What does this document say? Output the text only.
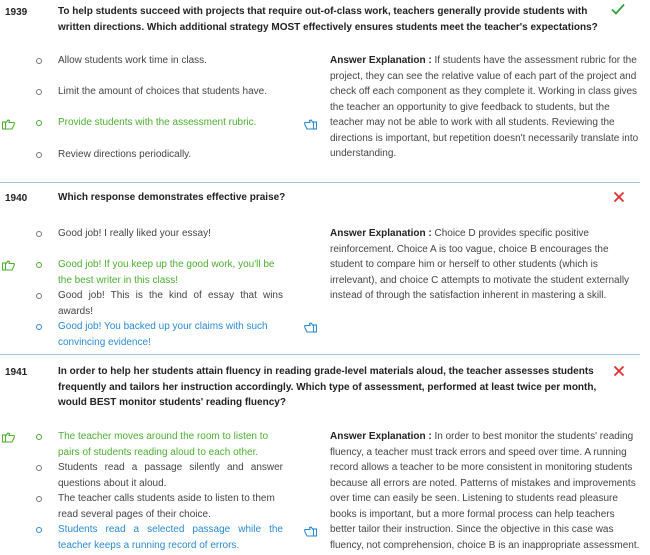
1939	To help students succeed with projects that require out-of-class work, teachers generally provide students with written directions. Which additional strategy MOST effectively ensures students meet the teacher's expectations?
Allow students work time in class.
Limit the amount of choices that students have.
Provide students with the assessment rubric.
Review directions periodically.
Answer Explanation : If students have the assessment rubric for the project, they can see the relative value of each part of the project and check off each component as they complete it. Working in class gives the teacher an opportunity to give feedback to students, but the teacher may not be able to work with all students. Reviewing the directions is important, but repetition doesn't necessarily translate into understanding.
1940	Which response demonstrates effective praise?
Good job! I really liked your essay!
Good job! If you keep up the good work, you'll be the best writer in this class!
Good job! This is the kind of essay that wins awards!
Good job! You backed up your claims with such convincing evidence!
Answer Explanation : Choice D provides specific positive reinforcement. Choice A is too vague, choice B encourages the student to compare him or herself to other students (which is irrelevant), and choice C attempts to motivate the student externally instead of through the satisfaction inherent in mastering a skill.
1941	In order to help her students attain fluency in reading grade-level materials aloud, the teacher assesses students frequently and tailors her instruction accordingly. Which type of assessment, performed at least twice per month, would BEST monitor students' reading fluency?
The teacher moves around the room to listen to pairs of students reading aloud to each other.
Students read a passage silently and answer questions about it aloud.
The teacher calls students aside to listen to them read several pages of their choice.
Students read a selected passage while the teacher keeps a running record of errors.
Answer Explanation : In order to best monitor the students' reading fluency, a teacher must track errors and speed over time. A running record allows a teacher to be more consistent in monitoring students because all errors are noted. Patterns of mistakes and improvements over time can easily be seen. Listening to students read pleasure books is important, but a more formal process can help teachers better tailor their instruction. Since the objective in this case was fluency, not comprehension, choice B is an inappropriate assessment.
